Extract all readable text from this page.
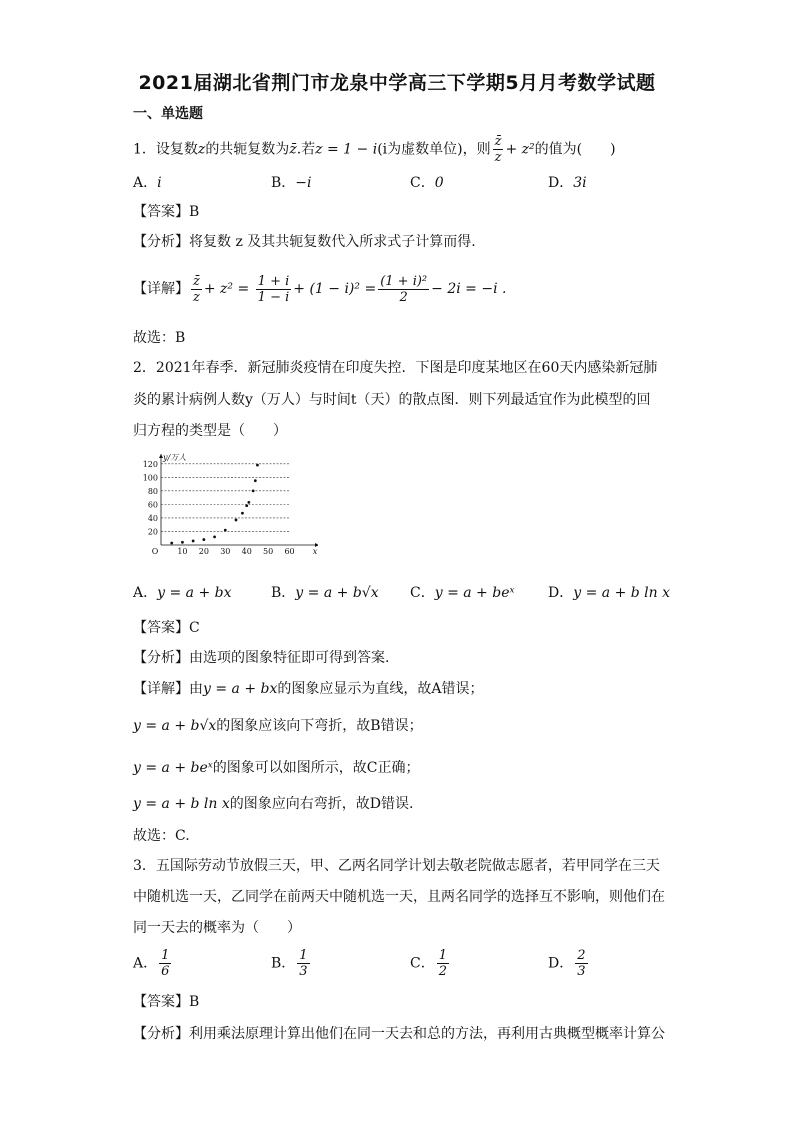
2021届湖北省荆门市龙泉中学高三下学期5月月考数学试题
一、单选题
1．设复数z的共轭复数为z̄.若z = 1 − i(i为虚数单位)，则 $\frac{z̄}{z} + z^2$的值为(　　)
A．i	B．−i	C．0	D．3i
【答案】B
【分析】将复数 z 及其共轭复数代入所求式子计算而得.
【详解】 $\frac{z̄}{z} + z^2 = \frac{1 + i}{1 - i} + (1 - i)^2 = \frac{\text{(1 + i)²}}{2} - 2i = -i$ .
故选：B
2．2021年春季．新冠肺炎疫情在印度失控．下图是印度某地区在60天内感染新冠肺
炎的累计病例人数y（万人）与时间t（天）的散点图．则下列最适宜作为此模型的回
归方程的类型是（　　）
10 20 30 40 50 60
20
40
60
80
100
120
O	x
y/万人
A．y = a + bx	B．y = a + b√x C．y = a + beˣ D．y = a + b ln x
【答案】C
【分析】由选项的图象特征即可得到答案.
【详解】由y = a + bx的图象应显示为直线，故A错误；
y = a + b√x的图象应该向下弯折，故B错误；
y = a + beˣ的图象可以如图所示，故C正确；
y = a + b ln x的图象应向右弯折，故D错误.
故选：C.
3．五国际劳动节放假三天，甲、乙两名同学计划去敬老院做志愿者，若甲同学在三天
中随机选一天，乙同学在前两天中随机选一天，且两名同学的选择互不影响，则他们在
同一天去的概率为（　　）
A． $\frac{1}{6}$	B． $\frac{1}{3}$	C． $\frac{1}{2}$	D． $\frac{2}{3}$
【答案】B
【分析】利用乘法原理计算出他们在同一天去和总的方法，再利用古典概型概率计算公
